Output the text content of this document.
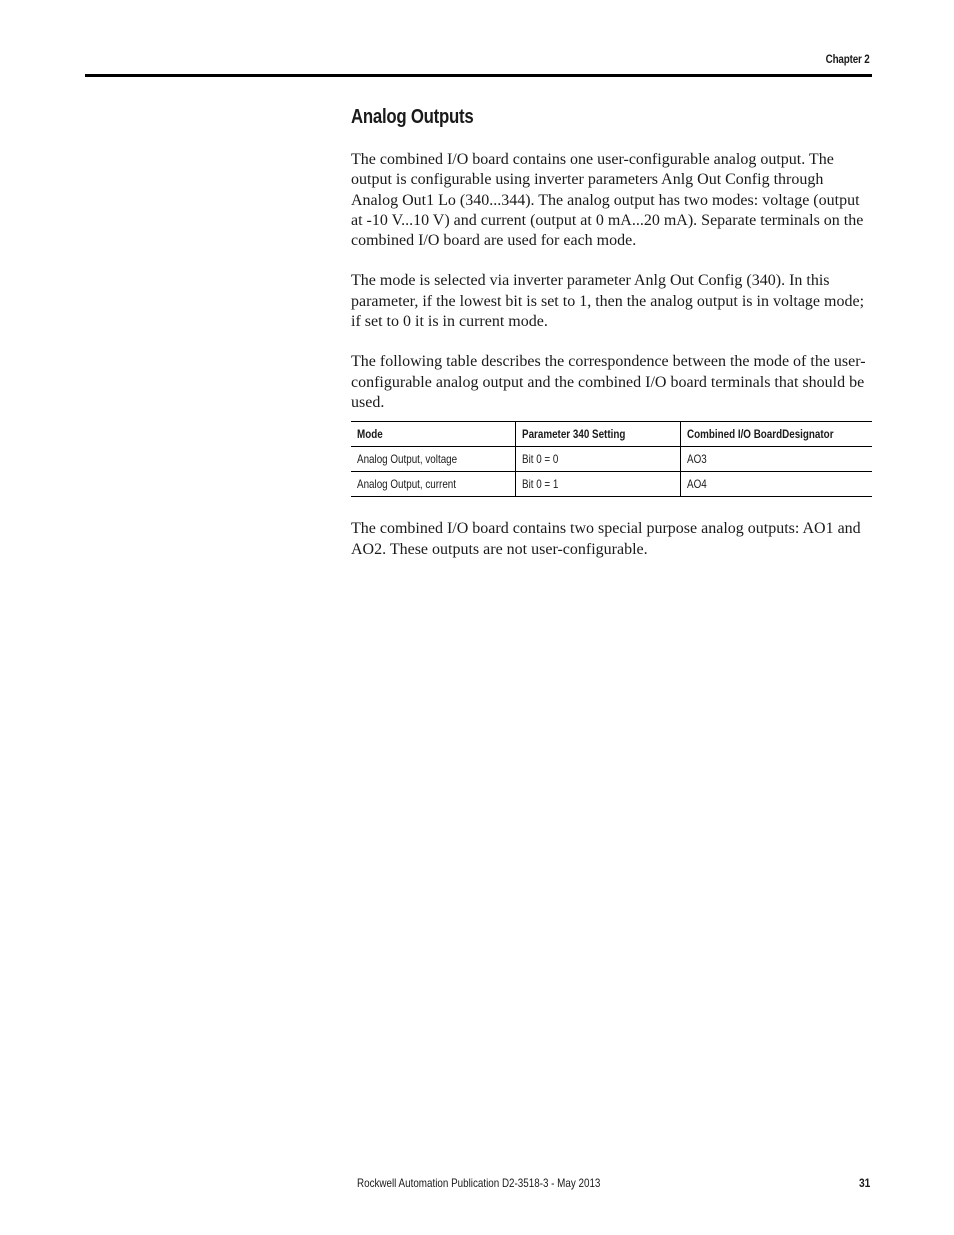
Chapter 2
Analog Outputs

The combined I/O board contains one user-configurable analog output. The output is configurable using inverter parameters Anlg Out Config through Analog Out1 Lo (340...344). The analog output has two modes: voltage (output at -10 V...10 V) and current (output at 0 mA...20 mA). Separate terminals on the combined I/O board are used for each mode.

The mode is selected via inverter parameter Anlg Out Config (340). In this parameter, if the lowest bit is set to 1, then the analog output is in voltage mode; if set to 0 it is in current mode.

The following table describes the correspondence between the mode of the user-configurable analog output and the combined I/O board terminals that should be used.

Mode	Parameter 340 Setting	Combined I/O BoardDesignator
Analog Output, voltage	Bit 0 = 0	AO3
Analog Output, current	Bit 0 = 1	AO4

The combined I/O board contains two special purpose analog outputs: AO1 and AO2. These outputs are not user-configurable.

Rockwell Automation Publication D2-3518-3 - May 2013	31
